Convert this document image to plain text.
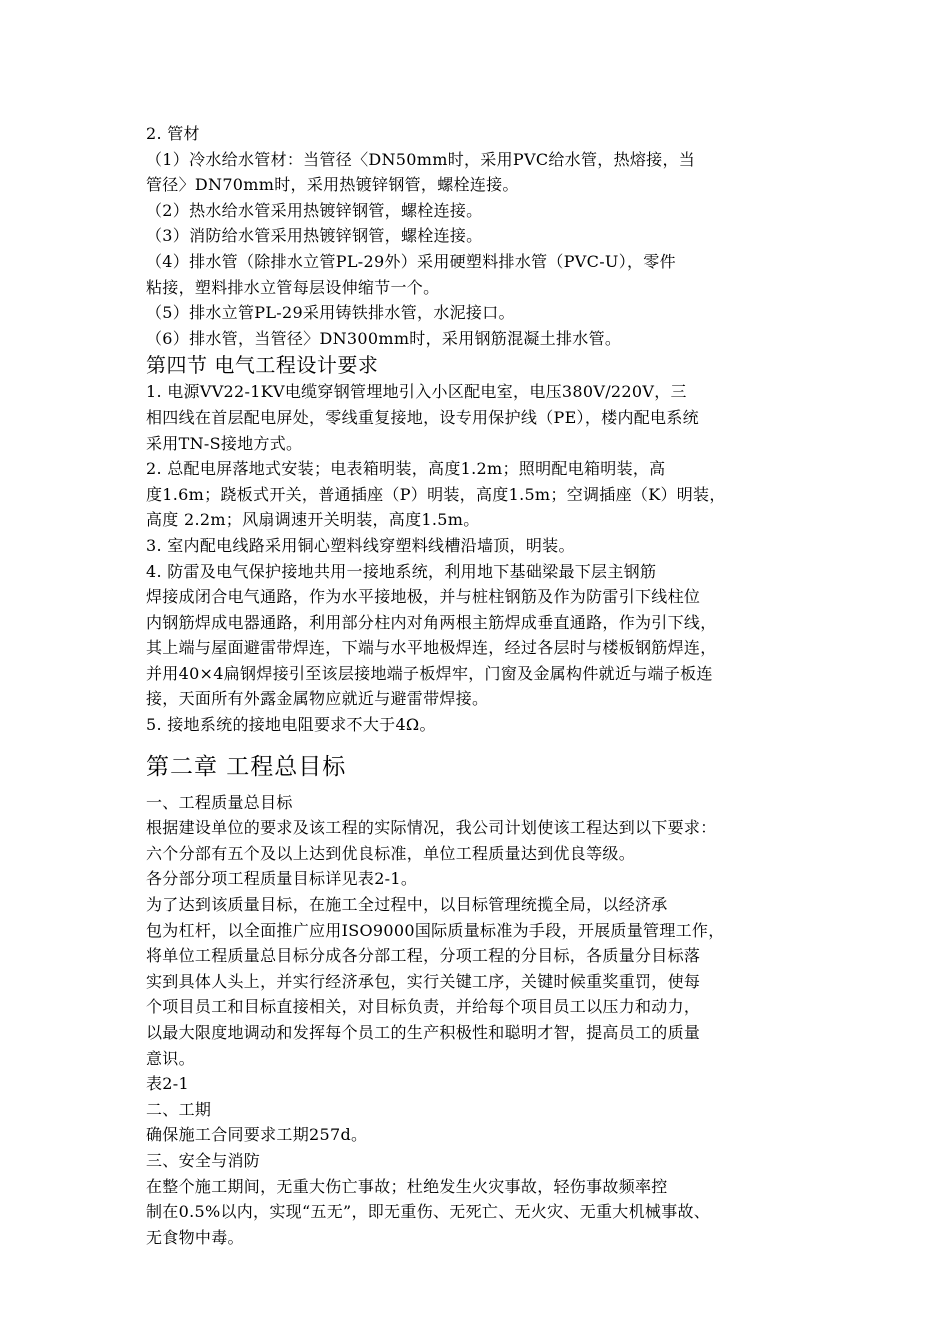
2. 管材
（1）冷水给水管材：当管径〈DN50mm时，采用PVC给水管，热熔接，当
管径〉DN70mm时，采用热镀锌钢管，螺栓连接。
（2）热水给水管采用热镀锌钢管，螺栓连接。
（3）消防给水管采用热镀锌钢管，螺栓连接。
（4）排水管（除排水立管PL-29外）采用硬塑料排水管（PVC-U），零件
粘接，塑料排水立管每层设伸缩节一个。
（5）排水立管PL-29采用铸铁排水管，水泥接口。
（6）排水管，当管径〉DN300mm时，采用钢筋混凝土排水管。
第四节 电气工程设计要求
1. 电源VV22-1KV电缆穿钢管埋地引入小区配电室，电压380V/220V，三
相四线在首层配电屏处，零线重复接地，设专用保护线（PE），楼内配电系统
采用TN-S接地方式。
2. 总配电屏落地式安装；电表箱明装，高度1.2m；照明配电箱明装，高
度1.6m；跷板式开关，普通插座（P）明装，高度1.5m；空调插座（K）明装，
高度 2.2m；风扇调速开关明装，高度1.5m。
3. 室内配电线路采用铜心塑料线穿塑料线槽沿墙顶，明装。
4. 防雷及电气保护接地共用一接地系统，利用地下基础梁最下层主钢筋
焊接成闭合电气通路，作为水平接地极，并与桩柱钢筋及作为防雷引下线柱位
内钢筋焊成电器通路，利用部分柱内对角两根主筋焊成垂直通路，作为引下线，
其上端与屋面避雷带焊连，下端与水平地极焊连，经过各层时与楼板钢筋焊连，
并用40×4扁钢焊接引至该层接地端子板焊牢，门窗及金属构件就近与端子板连
接，天面所有外露金属物应就近与避雷带焊接。
5. 接地系统的接地电阻要求不大于4Ω。
第二章 工程总目标
一、工程质量总目标
根据建设单位的要求及该工程的实际情况，我公司计划使该工程达到以下要求：
六个分部有五个及以上达到优良标准，单位工程质量达到优良等级。
各分部分项工程质量目标详见表2-1。
为了达到该质量目标，在施工全过程中，以目标管理统揽全局，以经济承
包为杠杆，以全面推广应用ISO9000国际质量标准为手段，开展质量管理工作，
将单位工程质量总目标分成各分部工程，分项工程的分目标，各质量分目标落
实到具体人头上，并实行经济承包，实行关键工序，关键时候重奖重罚，使每
个项目员工和目标直接相关，对目标负责，并给每个项目员工以压力和动力，
以最大限度地调动和发挥每个员工的生产积极性和聪明才智，提高员工的质量
意识。
表2-1
二、工期
确保施工合同要求工期257d。
三、安全与消防
在整个施工期间，无重大伤亡事故；杜绝发生火灾事故，轻伤事故频率控
制在0.5%以内，实现“五无”，即无重伤、无死亡、无火灾、无重大机械事故、
无食物中毒。
